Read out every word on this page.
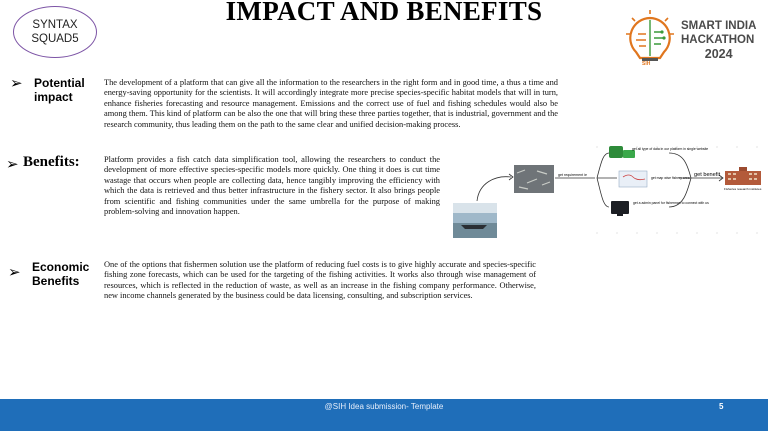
SYNTAX
SQUAD5
IMPACT AND BENEFITS
SIH
SMART INDIA
HACKATHON
2024
➢ Potential
impact
The development of a platform that can give all the information to the researchers in the right form and in good time, a thus a time and energy-saving opportunity for the scientists. It will accordingly integrate more precise species-specific habitat models that will in turn, enhance fisheries forecasting and resource management. Emissions and the correct use of fuel and fishing schedules would also be among them. This kind of platform can be also the one that will bring these three parties together, that is industrial, government and the research community, thus leading them on the path to the same clear and unified decision-making process.
➢ Benefits:	Platform provides a fish catch data simplification tool, allowing the researchers to conduct the development of more effective species-specific models more quickly. One thing it does is cut time wastage that occurs when people are collecting data, hence tangibly improving the efficiency with which the data is retrieved and thus better infrastructure in the fishery sector. It also brings people from scientific and fishing communities under the same umbrella for the purpose of making problem-solving and innovation happen.
get requirement ie
get all type of data in our platform in single website
get map wise fishery area
get a admin panel for fisherman to connect with us
get benefit
Fisheries research institutes
➢ Economic
Benefits
One of the options that fishermen solution use the platform of reducing fuel costs is to give highly accurate and species-specific fishing zone forecasts, which can be used for the targeting of the fishing activities. It works also through wise management of resources, which is reflected in the reduction of waste, as well as an increase in the fishing company performance. Otherwise, new income channels generated by the business could be data licensing, consulting, and subscription services.
@SIH Idea submission- Template	5
